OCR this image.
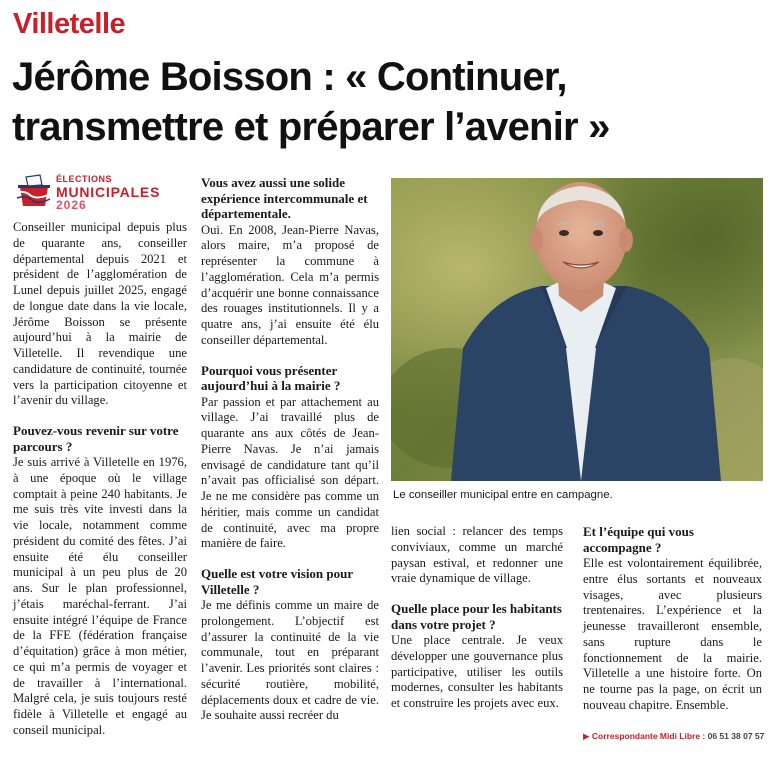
Villetelle
Jérôme Boisson : « Continuer,
transmettre et préparer l’avenir »
ÉLECTIONS
MUNICIPALES
2026

Conseiller municipal depuis plus de quarante ans, conseiller départemental depuis 2021 et président de l’agglomération de Lunel depuis juillet 2025, engagé de longue date dans la vie locale, Jérôme Boisson se présente aujourd’hui à la mairie de Villetelle. Il revendique une candidature de continuité, tournée vers la participation citoyenne et l’avenir du village.

Pouvez-vous revenir sur votre parcours ?

Je suis arrivé à Villetelle en 1976, à une époque où le village comptait à peine 240 habitants. Je me suis très vite investi dans la vie locale, notamment comme président du comité des fêtes. J’ai ensuite été élu conseiller municipal à un peu plus de 20 ans. Sur le plan professionnel, j’étais maréchal-ferrant. J’ai ensuite intégré l’équipe de France de la FFE (fédération française d’équitation) grâce à mon métier, ce qui m’a permis de voyager et de travailler à l’international. Malgré cela, je suis toujours resté fidèle à Villetelle et engagé au conseil municipal.

Vous avez aussi une solide expérience intercommunale et départementale.

Oui. En 2008, Jean-Pierre Navas, alors maire, m’a proposé de représenter la commune à l’agglomération. Cela m’a permis d’acquérir une bonne connaissance des rouages institutionnels. Il y a quatre ans, j’ai ensuite été élu conseiller départemental.

Pourquoi vous présenter aujourd’hui à la mairie ?

Par passion et par attachement au village. J’ai travaillé plus de quarante ans aux côtés de Jean-Pierre Navas. Je n’ai jamais envisagé de candidature tant qu’il n’avait pas officialisé son départ. Je ne me considère pas comme un héritier, mais comme un candidat de continuité, avec ma propre manière de faire.

Quelle est votre vision pour Villetelle ?

Je me définis comme un maire de prolongement. L’objectif est d’assurer la continuité de la vie communale, tout en préparant l’avenir. Les priorités sont claires : sécurité routière, mobilité, déplacements doux et cadre de vie. Je souhaite aussi recréer du

Le conseiller municipal entre en campagne.

lien social : relancer des temps conviviaux, comme un marché paysan estival, et redonner une vraie dynamique de village.

Quelle place pour les habitants dans votre projet ?

Une place centrale. Je veux développer une gouvernance plus participative, utiliser les outils modernes, consulter les habitants et construire les projets avec eux.

Et l’équipe qui vous accompagne ?

Elle est volontairement équilibrée, entre élus sortants et nouveaux visages, avec plusieurs trentenaires. L’expérience et la jeunesse travailleront ensemble, sans rupture dans le fonctionnement de la mairie. Villetelle a une histoire forte. On ne tourne pas la page, on écrit un nouveau chapitre. Ensemble.

▶ Correspondante Midi Libre : 06 51 38 07 57
